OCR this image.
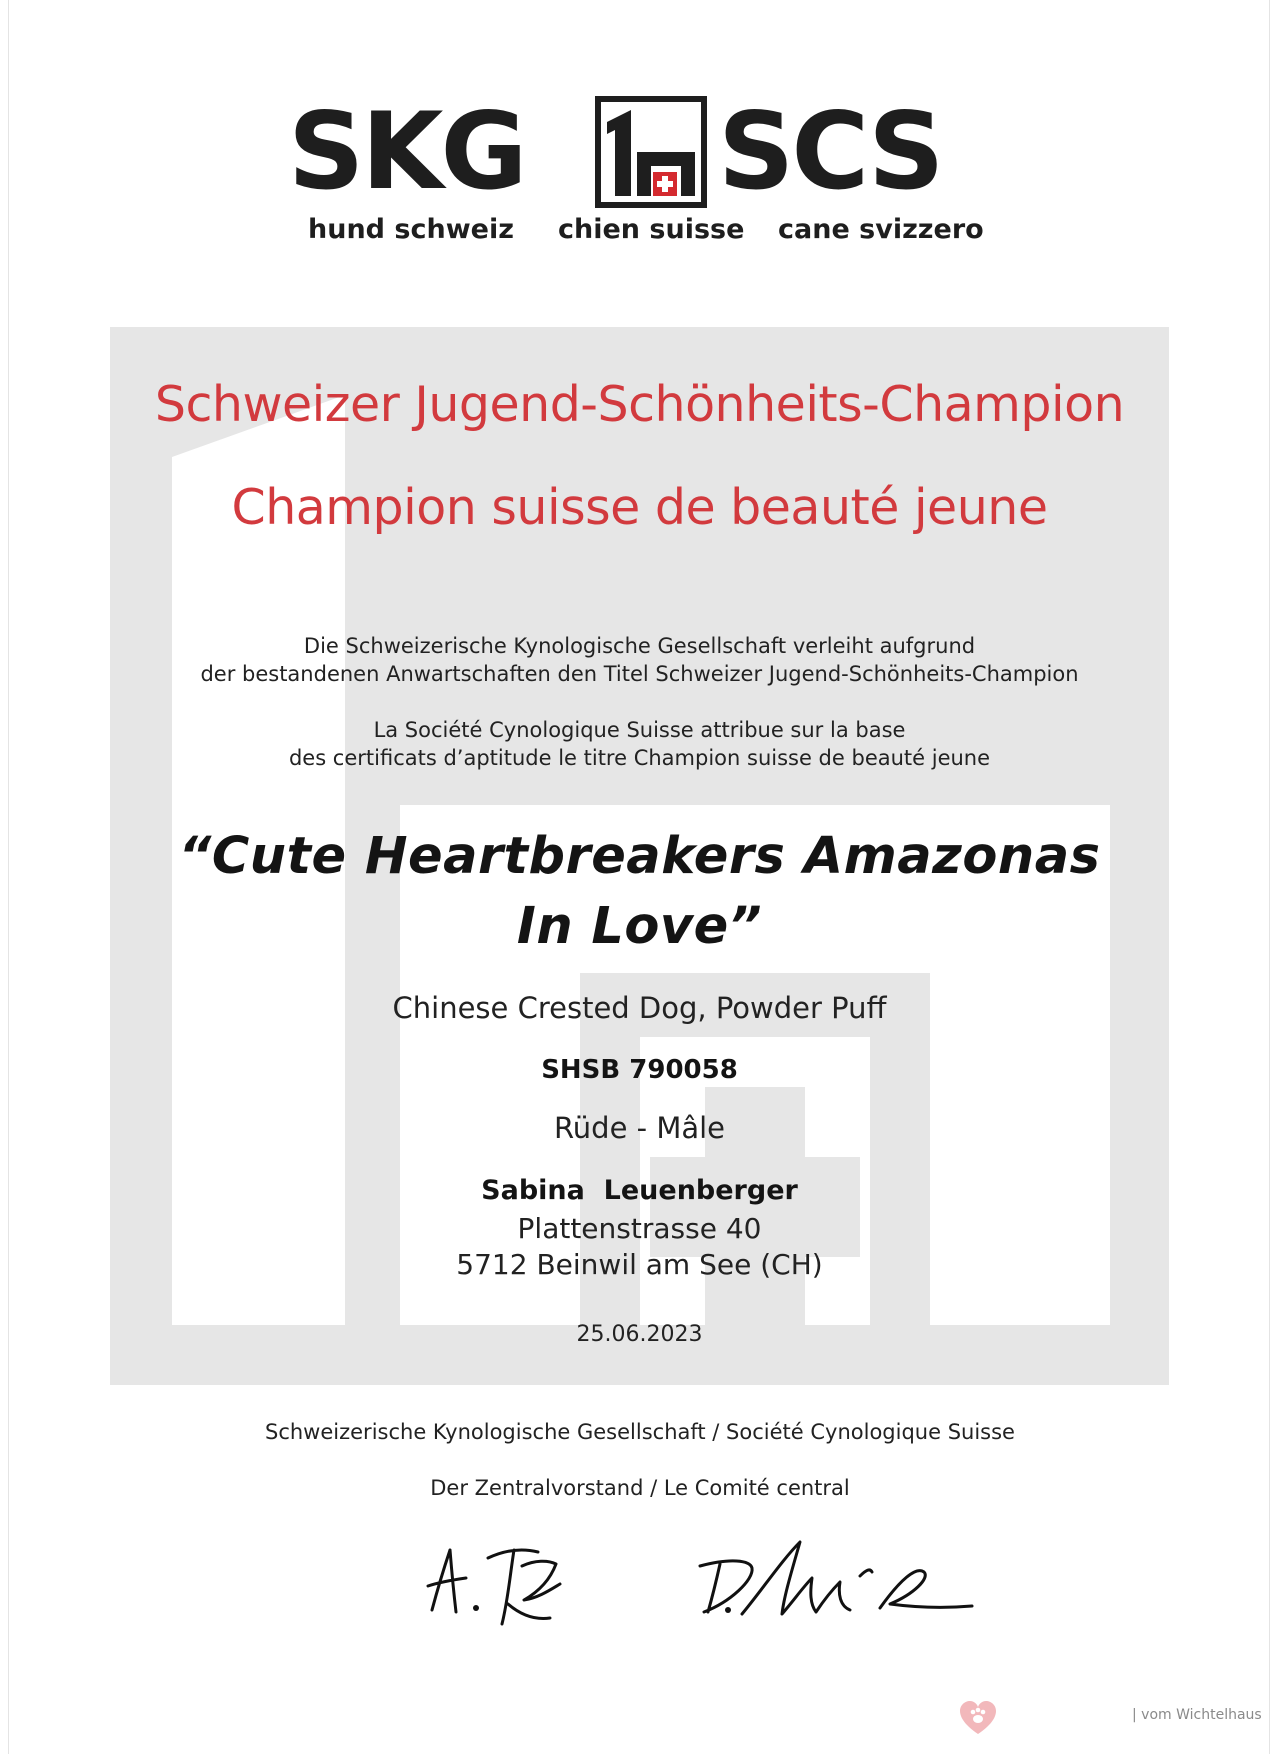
SKG SCS
hund schweiz chien suisse cane svizzero
Schweizer Jugend-Schönheits-Champion
Champion suisse de beauté jeune
Die Schweizerische Kynologische Gesellschaft verleiht aufgrund
der bestandenen Anwartschaften den Titel Schweizer Jugend-Schönheits-Champion
La Société Cynologique Suisse attribue sur la base
des certificats d’aptitude le titre Champion suisse de beauté jeune
“Cute Heartbreakers Amazonas
In Love”
Chinese Crested Dog, Powder Puff
SHSB 790058
Rüde - Mâle
Sabina  Leuenberger
Plattenstrasse 40
5712 Beinwil am See (CH)
25.06.2023
Schweizerische Kynologische Gesellschaft / Société Cynologique Suisse
Der Zentralvorstand / Le Comité central
| vom Wichtelhaus
